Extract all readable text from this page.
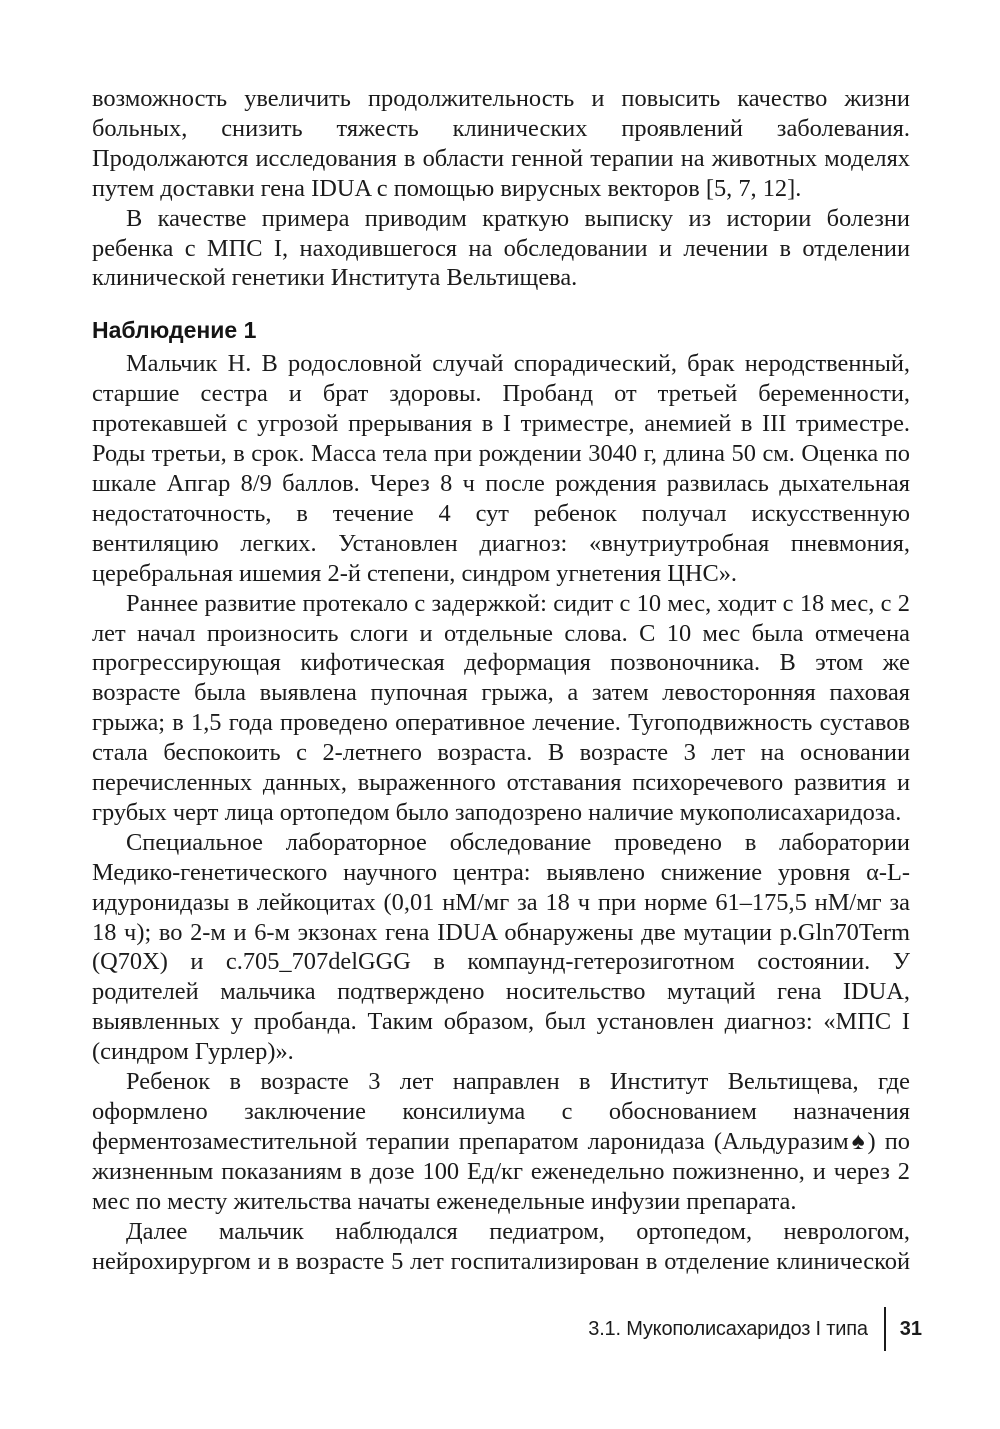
возможность увеличить продолжительность и повысить качество жизни больных, снизить тяжесть клинических проявлений заболевания. Продолжаются исследования в области генной терапии на животных моделях путем доставки гена IDUA с помощью вирусных векторов [5, 7, 12].

В качестве примера приводим краткую выписку из истории болезни ребенка с МПС I, находившегося на обследовании и лечении в отделении клинической генетики Института Вельтищева.

Наблюдение 1

Мальчик Н. В родословной случай спорадический, брак неродственный, старшие сестра и брат здоровы. Пробанд от третьей беременности, протекавшей с угрозой прерывания в I триместре, анемией в III триместре. Роды третьи, в срок. Масса тела при рождении 3040 г, длина 50 см. Оценка по шкале Апгар 8/9 баллов. Через 8 ч после рождения развилась дыхательная недостаточность, в течение 4 сут ребенок получал искусственную вентиляцию легких. Установлен диагноз: «внутриутробная пневмония, церебральная ишемия 2-й степени, синдром угнетения ЦНС».

Раннее развитие протекало с задержкой: сидит с 10 мес, ходит с 18 мес, с 2 лет начал произносить слоги и отдельные слова. С 10 мес была отмечена прогрессирующая кифотическая деформация позвоночника. В этом же возрасте была выявлена пупочная грыжа, а затем левосторонняя паховая грыжа; в 1,5 года проведено оперативное лечение. Тугоподвижность суставов стала беспокоить с 2-летнего возраста. В возрасте 3 лет на основании перечисленных данных, выраженного отставания психоречевого развития и грубых черт лица ортопедом было заподозрено наличие мукополисахаридоза.

Специальное лабораторное обследование проведено в лаборатории Медико-генетического научного центра: выявлено снижение уровня α-L-идуронидазы в лейкоцитах (0,01 нМ/мг за 18 ч при норме 61–175,5 нМ/мг за 18 ч); во 2-м и 6-м экзонах гена IDUA обнаружены две мутации p.Gln70Term (Q70X) и c.705_707delGGG в компаунд-гетерозиготном состоянии. У родителей мальчика подтверждено носительство мутаций гена IDUA, выявленных у пробанда. Таким образом, был установлен диагноз: «МПС I (синдром Гурлер)».

Ребенок в возрасте 3 лет направлен в Институт Вельтищева, где оформлено заключение консилиума с обоснованием назначения ферментозаместительной терапии препаратом ларонидаза (Альдуразим♠) по жизненным показаниям в дозе 100 Ед/кг еженедельно пожизненно, и через 2 мес по месту жительства начаты еженедельные инфузии препарата.

Далее мальчик наблюдался педиатром, ортопедом, неврологом, нейрохирургом и в возрасте 5 лет госпитализирован в отделение клинической

3.1. Мукополисахаридоз I типа	31
